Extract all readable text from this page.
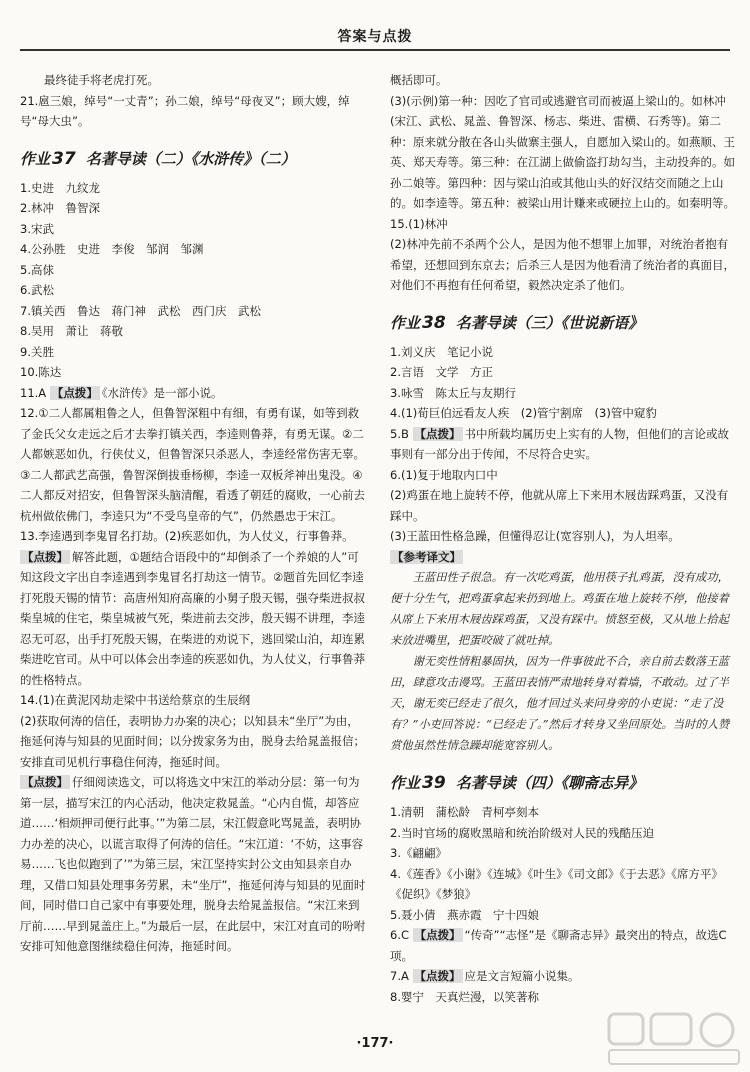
答案与点拨

最终徒手将老虎打死。

21.扈三娘，绰号“一丈青”；孙二娘，绰号“母夜叉”；顾大嫂，绰号“母大虫”。

作业 37 名著导读（二）《水浒传》（二）

1.史进　九纹龙

2.林冲　鲁智深

3.宋武

4.公孙胜　史进　李俊　邹润　邹渊

5.高俅

6.武松

7.镇关西　鲁达　蒋门神　武松　西门庆　武松

8.吴用　萧让　蒋敬

9.关胜

10.陈达

11.A 【点拨】 《水浒传》是一部小说。

12.①二人都属粗鲁之人，但鲁智深粗中有细，有勇有谋，如等到救了金氏父女走远之后才去拳打镇关西，李逵则鲁莽，有勇无谋。②二人都嫉恶如仇，行侠仗义，但鲁智深只杀恶人，李逵经常伤害无辜。③二人都武艺高强，鲁智深倒拔垂杨柳，李逵一双板斧神出鬼没。④二人都反对招安，但鲁智深头脑清醒，看透了朝廷的腐败，一心前去杭州做依佛门，李逵只为“不受鸟皇帝的气”，仍然愚忠于宋江。

13.李逵遇到李鬼冒名打劫。(2)疾恶如仇，为人仗义，行事鲁莽。

【点拨】 解答此题，①题结合语段中的“却倒杀了一个养娘的人”可知这段文字出自李逵遇到李鬼冒名打劫这一情节。②题首先回忆李逵打死殷天锡的情节：高唐州知府高廉的小舅子殷天锡，强夺柴进叔叔柴皇城的住宅，柴皇城被气死，柴进前去交涉，殷天锡不讲理，李逵忍无可忍，出手打死殷天锡，在柴进的劝说下，逃回梁山泊，却连累柴进吃官司。从中可以体会出李逵的疾恶如仇，为人仗义，行事鲁莽的性格特点。

14.(1)在黄泥冈劫走梁中书送给蔡京的生辰纲

(2)获取何涛的信任，表明协力办案的决心；以知县未“坐厅”为由，拖延何涛与知县的见面时间；以分拨家务为由，脱身去给晁盖报信；安排直司见机行事稳住何涛，拖延时间。

【点拨】 仔细阅读选文，可以将选文中宋江的举动分层：第一句为第一层，描写宋江的内心活动，他决定救晁盖。“心内自慌，却答应道……‘相烦押司便行此事。’”为第二层，宋江假意叱骂晁盖，表明协力办差的决心，以谎言取得了何涛的信任。“宋江道：‘不妨，这事容易……飞也似跑到了’”为第三层，宋江坚持实封公文由知县亲自办理，又借口知县处理事务劳累，未“坐厅”，拖延何涛与知县的见面时间，同时借口自己家中有事要处理，脱身去给晁盖报信。“宋江来到厅前……早到晁盖庄上。”为最后一层，在此层中，宋江对直司的吩咐安排可知他意图继续稳住何涛，拖延时间。

概括即可。

(3)(示例)第一种：因吃了官司或逃避官司而被逼上梁山的。如林冲(宋江、武松、晁盖、鲁智深、杨志、柴进、雷横、石秀等)。第二种：原来就分散在各山头做寨主强人，自愿加入梁山的。如燕顺、王英、郑天寿等。第三种：在江湖上做偷盗打劫勾当，主动投奔的。如孙二娘等。第四种：因与梁山泊或其他山头的好汉结交而随之上山的。如李逵等。第五种：被梁山用计赚来或硬拉上山的。如秦明等。

15.(1)林冲

(2)林冲先前不杀两个公人，是因为他不想罪上加罪，对统治者抱有希望，还想回到东京去；后杀三人是因为他看清了统治者的真面目，对他们不再抱有任何希望，毅然决定杀了他们。

作业 38 名著导读（三）《世说新语》

1.刘义庆　笔记小说

2.言语　文学　方正

3.咏雪　陈太丘与友期行

4.(1)荀巨伯远看友人疾　(2)管宁割席　(3)管中窥豹

5.B 【点拨】 书中所载均属历史上实有的人物，但他们的言论或故事则有一部分出于传闻，不尽符合史实。

6.(1)复于地取内口中

(2)鸡蛋在地上旋转不停，他就从席上下来用木屐齿踩鸡蛋，又没有踩中。

(3)王蓝田性格急躁，但懂得忍让(宽容别人)，为人坦率。

【参考译文】

王蓝田性子很急。有一次吃鸡蛋，他用筷子扎鸡蛋，没有成功，便十分生气，把鸡蛋拿起来扔到地上。鸡蛋在地上旋转不停，他接着从席上下来用木屐齿踩鸡蛋，又没有踩中。愤怒至极，又从地上拾起来放进嘴里，把蛋咬破了就吐掉。

谢无奕性情粗暴固执，因为一件事彼此不合，亲自前去数落王蓝田，肆意攻击谩骂。王蓝田表情严肃地转身对着墙，不敢动。过了半天，谢无奕已经走了很久，他才回过头来问身旁的小吏说：“走了没有？”小吏回答说：“已经走了。”然后才转身又坐回原处。当时的人赞赏他虽然性情急躁却能宽容别人。

作业 39 名著导读（四）《聊斋志异》

1.清朝　蒲松龄　青柯亭刻本

2.当时官场的腐败黑暗和统治阶级对人民的残酷压迫

3.《翩翩》

4.《莲香》《小谢》《连城》《叶生》《司文郎》《于去恶》《席方平》《促织》《梦狼》

5.聂小倩　燕赤霞　宁十四娘

6.C 【点拨】 “传奇”“志怪”是《聊斋志异》最突出的特点，故选C项。

7.A 【点拨】 应是文言短篇小说集。

8.婴宁　天真烂漫，以笑著称

·177·
